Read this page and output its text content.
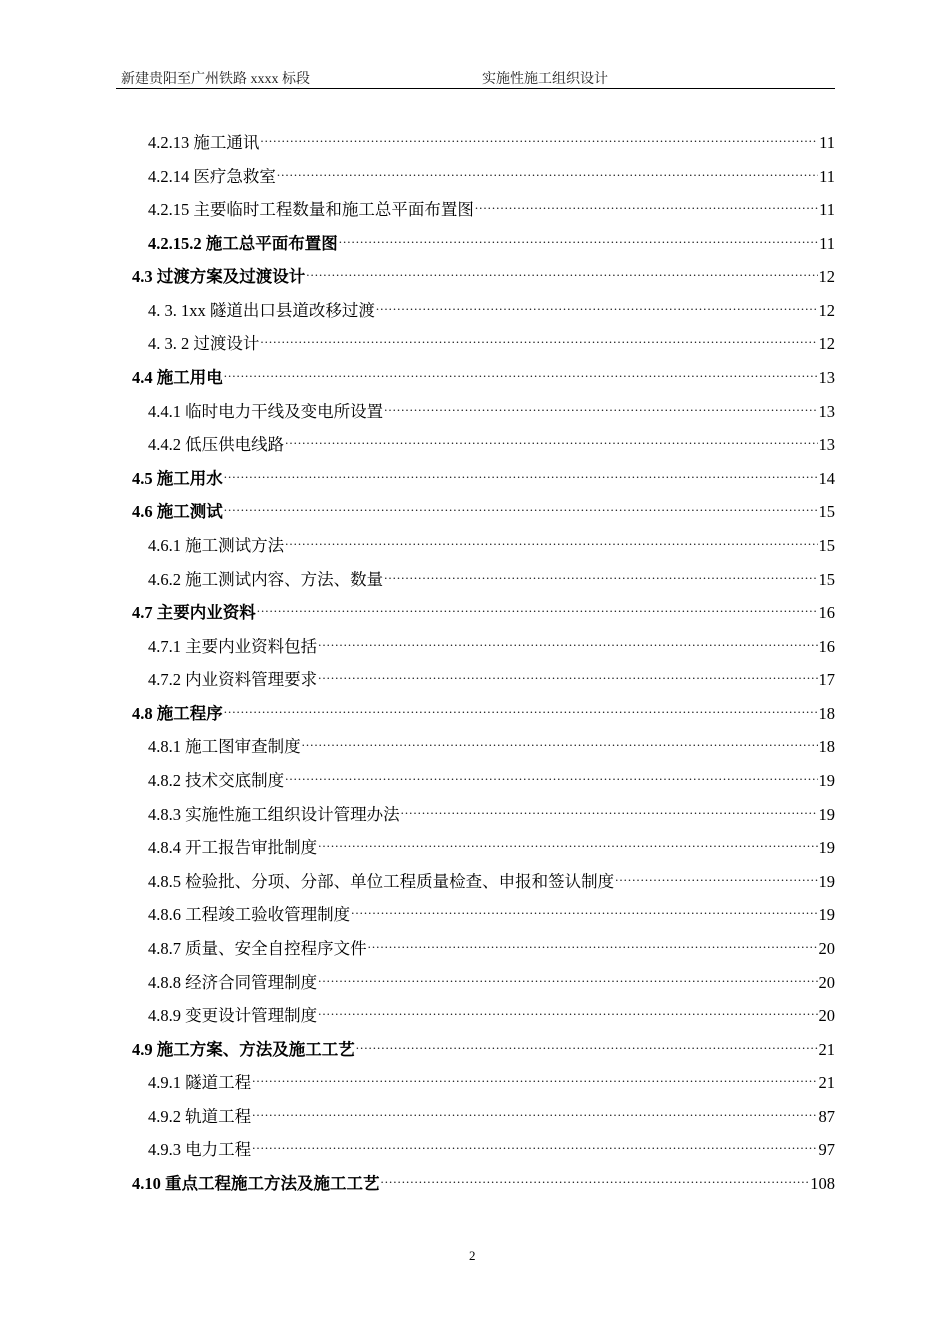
新建贵阳至广州铁路 xxxx 标段	实施性施工组织设计
4.2.13 施工通讯 .....	11
4.2.14 医疗急救室 .....	11
4.2.15 主要临时工程数量和施工总平面布置图 .....	11
4.2.15.2 施工总平面布置图 .....	11
4.3 过渡方案及过渡设计 .....	12
4. 3. 1xx 隧道出口县道改移过渡 .....	12
4. 3. 2 过渡设计 .....	12
4.4 施工用电 .....	13
4.4.1 临时电力干线及变电所设置 .....	13
4.4.2 低压供电线路 .....	13
4.5 施工用水 .....	14
4.6 施工测试 .....	15
4.6.1 施工测试方法 .....	15
4.6.2 施工测试内容、方法、数量 .....	15
4.7 主要内业资料 .....	16
4.7.1 主要内业资料包括 .....	16
4.7.2 内业资料管理要求 .....	17
4.8 施工程序 .....	18
4.8.1 施工图审查制度 .....	18
4.8.2 技术交底制度 .....	19
4.8.3 实施性施工组织设计管理办法 .....	19
4.8.4 开工报告审批制度 .....	19
4.8.5 检验批、分项、分部、单位工程质量检查、申报和签认制度 .....	19
4.8.6 工程竣工验收管理制度 .....	19
4.8.7 质量、安全自控程序文件 .....	20
4.8.8 经济合同管理制度 .....	20
4.8.9 变更设计管理制度 .....	20
4.9 施工方案、方法及施工工艺 .....	21
4.9.1 隧道工程 .....	21
4.9.2 轨道工程 .....	87
4.9.3 电力工程 .....	97
4.10 重点工程施工方法及施工工艺 .....	108
2
